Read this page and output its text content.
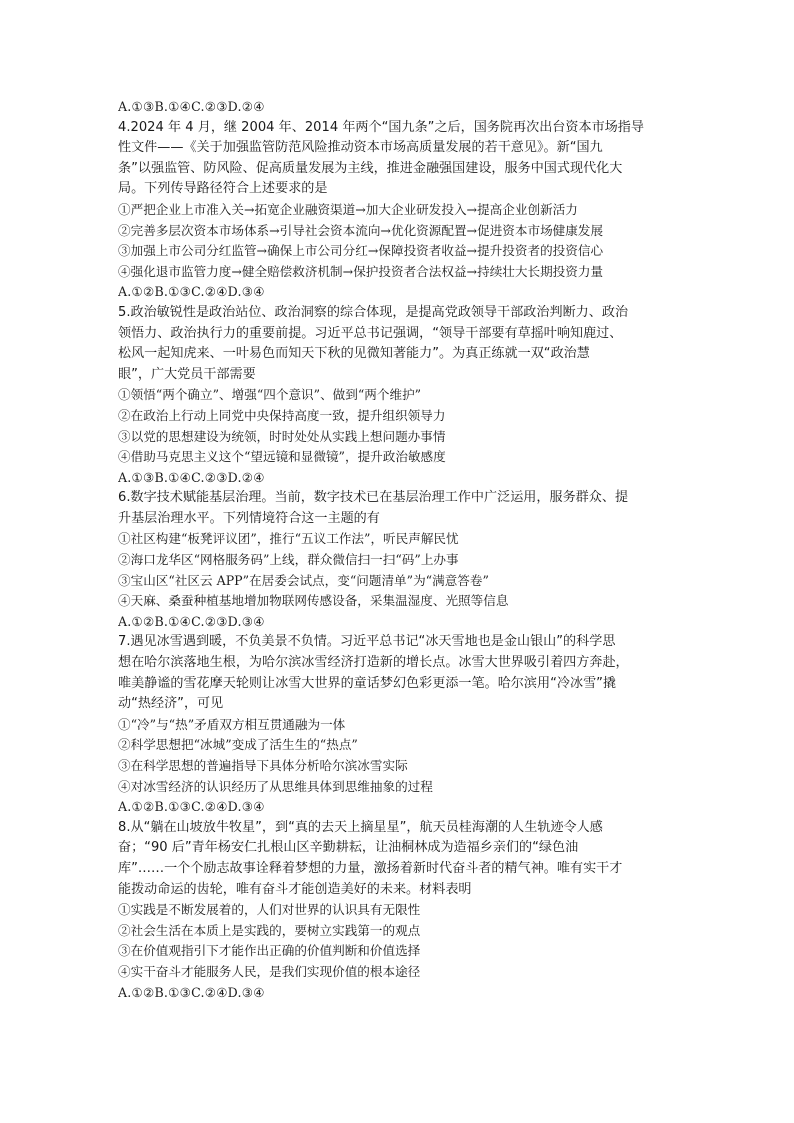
A.①③B.①④C.②③D.②④
4.2024 年 4 月，继 2004 年、2014 年两个“国九条”之后，国务院再次出台资本市场指导
性文件——《关于加强监管防范风险推动资本市场高质量发展的若干意见》。新“国九
条”以强监管、防风险、促高质量发展为主线，推进金融强国建设，服务中国式现代化大
局。下列传导路径符合上述要求的是
①严把企业上市准入关→拓宽企业融资渠道→加大企业研发投入→提高企业创新活力
②完善多层次资本市场体系→引导社会资本流向→优化资源配置→促进资本市场健康发展
③加强上市公司分红监管→确保上市公司分红→保障投资者收益→提升投资者的投资信心
④强化退市监管力度→健全赔偿救济机制→保护投资者合法权益→持续壮大长期投资力量
A.①②B.①③C.②④D.③④
5.政治敏锐性是政治站位、政治洞察的综合体现，是提高党政领导干部政治判断力、政治
领悟力、政治执行力的重要前提。习近平总书记强调，“领导干部要有草摇叶响知鹿过、
松风一起知虎来、一叶易色而知天下秋的见微知著能力”。为真正练就一双“政治慧
眼”，广大党员干部需要
①领悟“两个确立”、增强“四个意识”、做到“两个维护”
②在政治上行动上同党中央保持高度一致，提升组织领导力
③以党的思想建设为统领，时时处处从实践上想问题办事情
④借助马克思主义这个“望远镜和显微镜”，提升政治敏感度
A.①③B.①④C.②③D.②④
6.数字技术赋能基层治理。当前，数字技术已在基层治理工作中广泛运用，服务群众、提
升基层治理水平。下列情境符合这一主题的有
①社区构建“板凳评议团”，推行“五议工作法”，听民声解民忧
②海口龙华区“网格服务码”上线，群众微信扫一扫“码”上办事
③宝山区“社区云 APP”在居委会试点，变“问题清单”为“满意答卷”
④天麻、桑蚕种植基地增加物联网传感设备，采集温湿度、光照等信息
A.①②B.①④C.②③D.③④
7.遇见冰雪遇到暖，不负美景不负情。习近平总书记“冰天雪地也是金山银山”的科学思
想在哈尔滨落地生根，为哈尔滨冰雪经济打造新的增长点。冰雪大世界吸引着四方奔赴，
唯美静谧的雪花摩天轮则让冰雪大世界的童话梦幻色彩更添一笔。哈尔滨用“冷冰雪”撬
动“热经济”，可见
①“冷”与“热”矛盾双方相互贯通融为一体
②科学思想把“冰城”变成了活生生的“热点”
③在科学思想的普遍指导下具体分析哈尔滨冰雪实际
④对冰雪经济的认识经历了从思维具体到思维抽象的过程
A.①②B.①③C.②④D.③④
8.从“躺在山坡放牛牧星”，到“真的去天上摘星星”，航天员桂海潮的人生轨迹令人感
奋；“90 后”青年杨安仁扎根山区辛勤耕耘，让油桐林成为造福乡亲们的“绿色油
库”……一个个励志故事诠释着梦想的力量，激扬着新时代奋斗者的精气神。唯有实干才
能拨动命运的齿轮，唯有奋斗才能创造美好的未来。材料表明
①实践是不断发展着的，人们对世界的认识具有无限性
②社会生活在本质上是实践的，要树立实践第一的观点
③在价值观指引下才能作出正确的价值判断和价值选择
④实干奋斗才能服务人民，是我们实现价值的根本途径
A.①②B.①③C.②④D.③④
